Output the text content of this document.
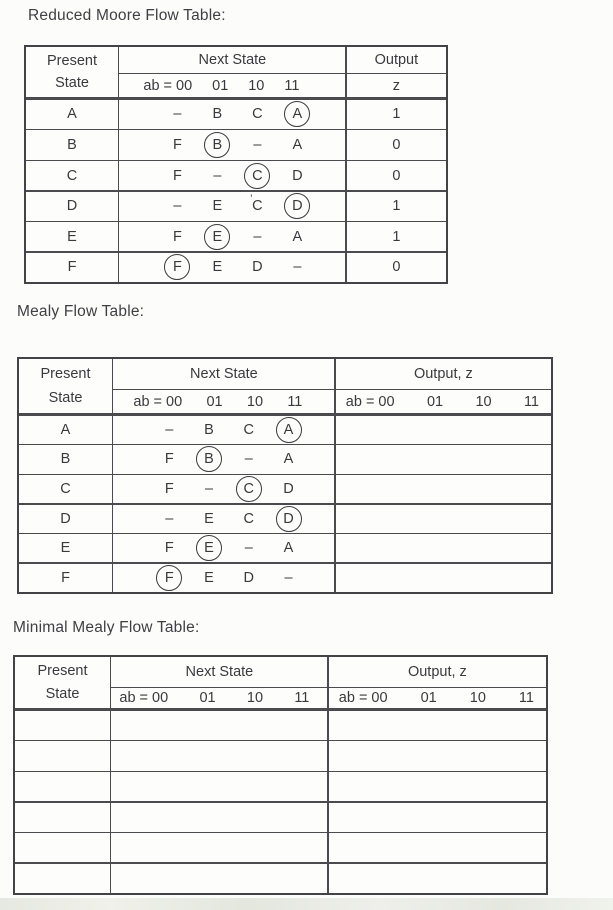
Reduced Moore Flow Table:
Present
State
Next State	Output
ab = 00 01 10 11	z
A	–	B	C	A	1
B	F	B	–	A	0
C	F	–	C	D	0
D	–	E	C	D	1
E	F	E	–	A	1
F	F	E	D	–	0
’
Mealy Flow Table:
Present
State
Next State	Output, z
ab = 00 01 10 11	ab = 00 01 10 11
A	–	B	C	A
B	F	B	–	A
C	F	–	C	D
D	–	E	C	D
E	F	E	–	A
F	F	E	D	–
Minimal Mealy Flow Table:
Present
State
Next State	Output, z
ab = 00 01 10 11 ab = 00 01 10 11
